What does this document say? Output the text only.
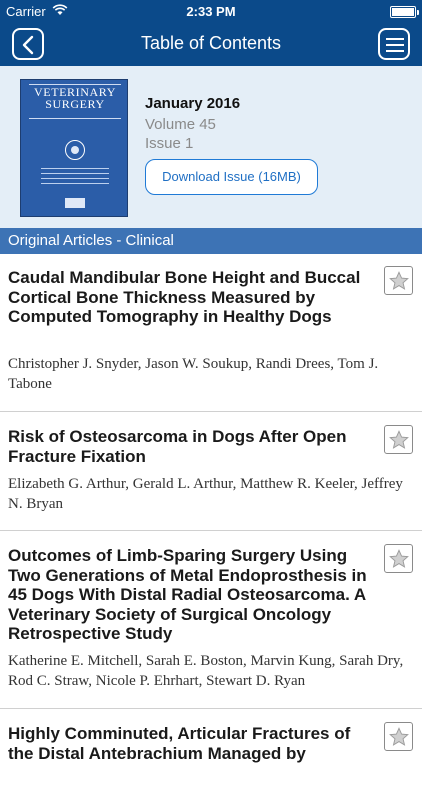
Carrier	2:33 PM
Table of Contents
VETERINARY SURGERY	January 2016
Volume 45
Issue 1
Download Issue (16MB)
Original Articles - Clinical
Caudal Mandibular Bone Height and Buccal Cortical Bone Thickness Measured by Computed Tomography in Healthy Dogs
Christopher J. Snyder, Jason W. Soukup, Randi Drees, Tom J. Tabone
Risk of Osteosarcoma in Dogs After Open Fracture Fixation
Elizabeth G. Arthur, Gerald L. Arthur, Matthew R. Keeler, Jeffrey N. Bryan
Outcomes of Limb-Sparing Surgery Using Two Generations of Metal Endoprosthesis in 45 Dogs With Distal Radial Osteosarcoma. A Veterinary Society of Surgical Oncology Retrospective Study
Katherine E. Mitchell, Sarah E. Boston, Marvin Kung, Sarah Dry, Rod C. Straw, Nicole P. Ehrhart, Stewart D. Ryan
Highly Comminuted, Articular Fractures of the Distal Antebrachium Managed by
